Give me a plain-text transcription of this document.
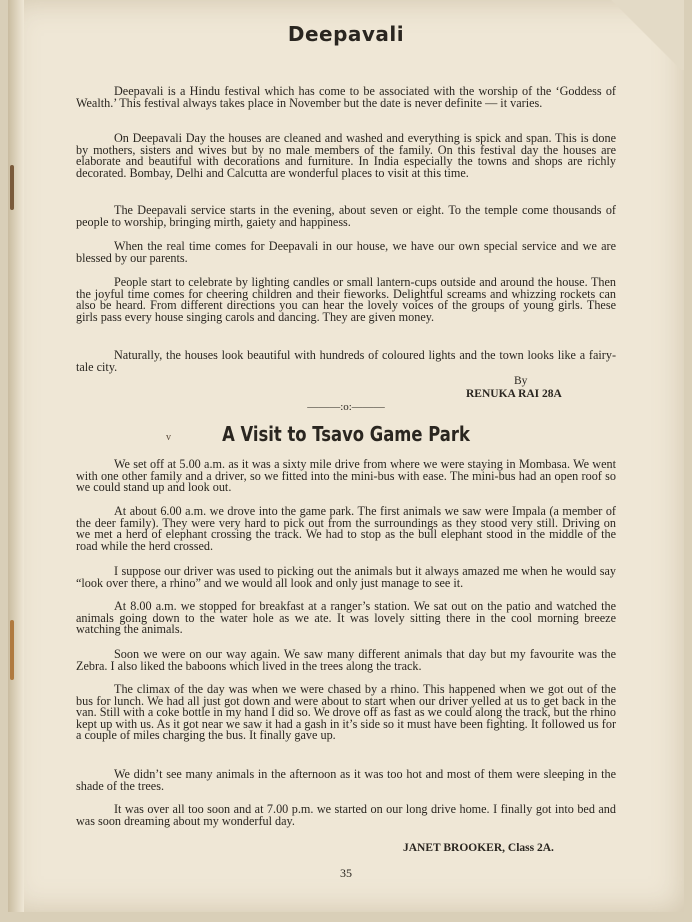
Deepavali

Deepavali is a Hindu festival which has come to be associated with the worship of the ‘Goddess of Wealth.’ This festival always takes place in November but the date is never definite — it varies.

On Deepavali Day the houses are cleaned and washed and everything is spick and span. This is done by mothers, sisters and wives but by no male members of the family. On this festival day the houses are elaborate and beautiful with decorations and furniture. In India especially the towns and shops are richly decorated. Bombay, Delhi and Calcutta are wonderful places to visit at this time.

The Deepavali service starts in the evening, about seven or eight. To the temple come thousands of people to worship, bringing mirth, gaiety and happiness.

When the real time comes for Deepavali in our house, we have our own special service and we are blessed by our parents.

People start to celebrate by lighting candles or small lantern-cups outside and around the house. Then the joyful time comes for cheering children and their fieworks. Delightful screams and whizzing rockets can also be heard. From different directions you can hear the lovely voices of the groups of young girls. These girls pass every house singing carols and dancing. They are given money.

Naturally, the houses look beautiful with hundreds of coloured lights and the town looks like a fairy-tale city.

By

RENUKA RAI 28A

———:o:———

v	A Visit to Tsavo Game Park

We set off at 5.00 a.m. as it was a sixty mile drive from where we were staying in Mombasa. We went with one other family and a driver, so we fitted into the mini-bus with ease. The mini-bus had an open roof so we could stand up and look out.

At about 6.00 a.m. we drove into the game park. The first animals we saw were Impala (a member of the deer family). They were very hard to pick out from the surroundings as they stood very still. Driving on we met a herd of elephant crossing the track. We had to stop as the bull elephant stood in the middle of the road while the herd crossed.

I suppose our driver was used to picking out the animals but it always amazed me when he would say “look over there, a rhino” and we would all look and only just manage to see it.

At 8.00 a.m. we stopped for breakfast at a ranger’s station. We sat out on the patio and watched the animals going down to the water hole as we ate. It was lovely sitting there in the cool morning breeze watching the animals.

Soon we were on our way again. We saw many different animals that day but my favourite was the Zebra. I also liked the baboons which lived in the trees along the track.

The climax of the day was when we were chased by a rhino. This happened when we got out of the bus for lunch. We had all just got down and were about to start when our driver yelled at us to get back in the van. Still with a coke bottle in my hand I did so. We drove off as fast as we could along the track, but the rhino kept up with us. As it got near we saw it had a gash in it’s side so it must have been fighting. It followed us for a couple of miles charging the bus. It finally gave up.

We didn’t see many animals in the afternoon as it was too hot and most of them were sleeping in the shade of the trees.

It was over all too soon and at 7.00 p.m. we started on our long drive home. I finally got into bed and was soon dreaming about my wonderful day.

JANET BROOKER, Class 2A.

35
